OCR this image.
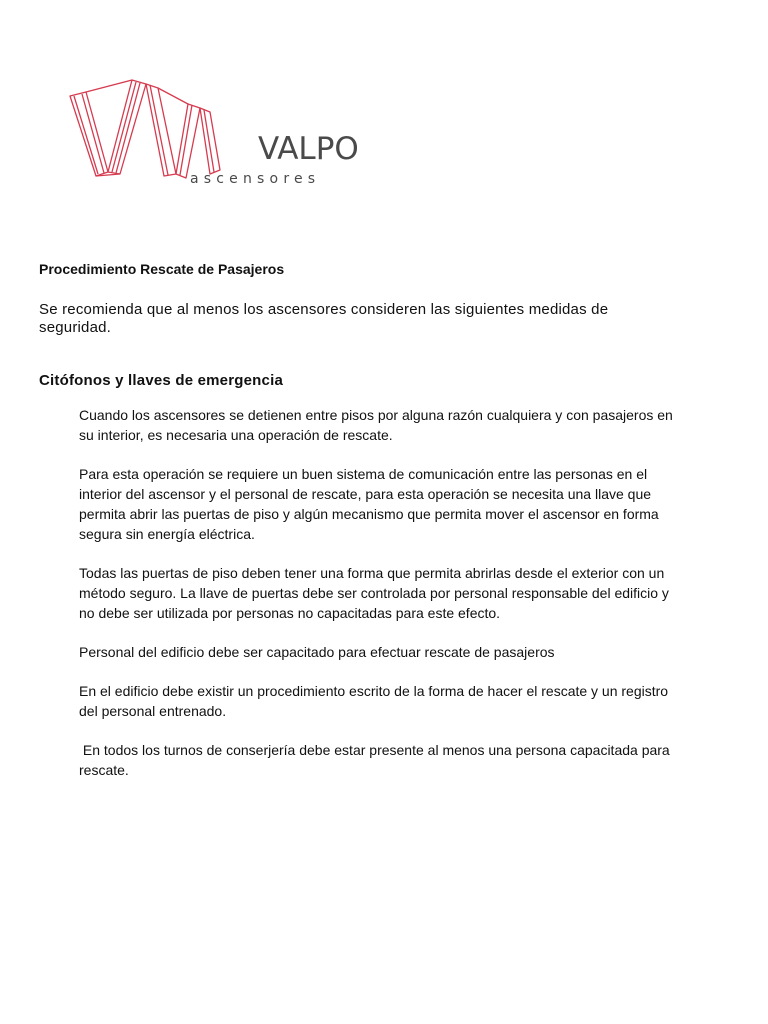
VALPO
ascensores
Procedimiento Rescate de Pasajeros

Se recomienda que al menos los ascensores consideren las siguientes medidas de seguridad.

Citófonos y llaves de emergencia

Cuando los ascensores se detienen entre pisos por alguna razón cualquiera y con pasajeros en su interior, es necesaria una operación de rescate.

Para esta operación se requiere un buen sistema de comunicación entre las personas en el interior del ascensor y el personal de rescate, para esta operación se necesita una llave que permita abrir las puertas de piso y algún mecanismo que permita mover el ascensor en forma segura sin energía eléctrica.

Todas las puertas de piso deben tener una forma que permita abrirlas desde el exterior con un método seguro. La llave de puertas debe ser controlada por personal responsable del edificio y no debe ser utilizada por personas no capacitadas para este efecto.

Personal del edificio debe ser capacitado para efectuar rescate de pasajeros

En el edificio debe existir un procedimiento escrito de la forma de hacer el rescate y un registro del personal entrenado.

En todos los turnos de conserjería debe estar presente al menos una persona capacitada para  rescate.
